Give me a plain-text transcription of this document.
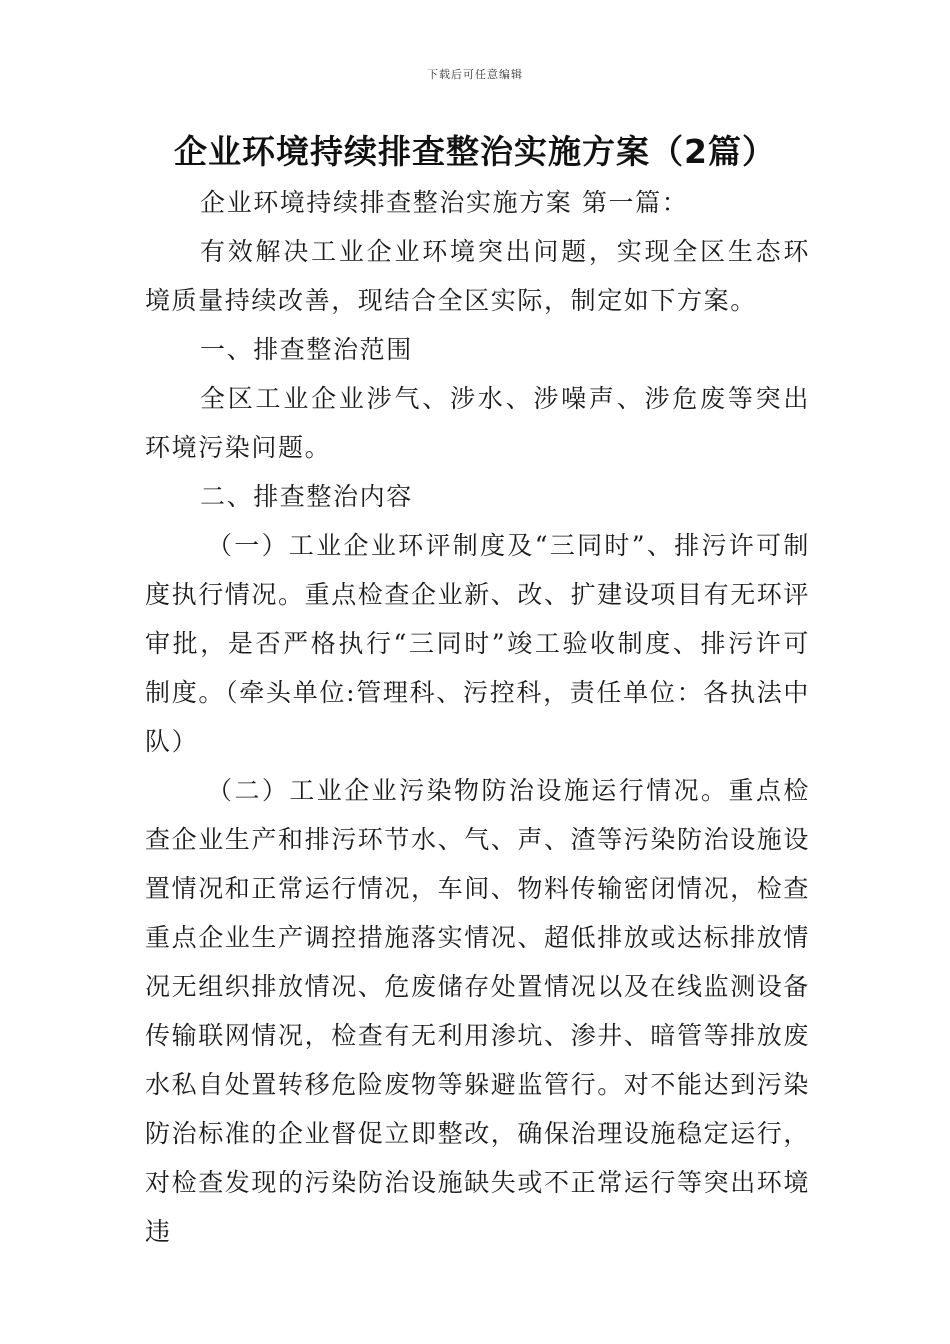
下载后可任意编辑
企业环境持续排查整治实施方案（2篇）

企业环境持续排查整治实施方案 第一篇：

有效解决工业企业环境突出问题，实现全区生态环境质量持续改善，现结合全区实际，制定如下方案。

一、排查整治范围

全区工业企业涉气、涉水、涉噪声、涉危废等突出环境污染问题。

二、排查整治内容

（一）工业企业环评制度及“三同时”、排污许可制度执行情况。重点检查企业新、改、扩建设项目有无环评审批，是否严格执行“三同时”竣工验收制度、排污许可制度。（牵头单位:管理科、污控科，责任单位：各执法中队）

（二）工业企业污染物防治设施运行情况。重点检查企业生产和排污环节水、气、声、渣等污染防治设施设置情况和正常运行情况，车间、物料传输密闭情况，检查重点企业生产调控措施落实情况、超低排放或达标排放情况无组织排放情况、危废储存处置情况以及在线监测设备传输联网情况，检查有无利用渗坑、渗井、暗管等排放废水私自处置转移危险废物等躲避监管行。对不能达到污染防治标准的企业督促立即整改，确保治理设施稳定运行，对检查发现的污染防治设施缺失或不正常运行等突出环境违
